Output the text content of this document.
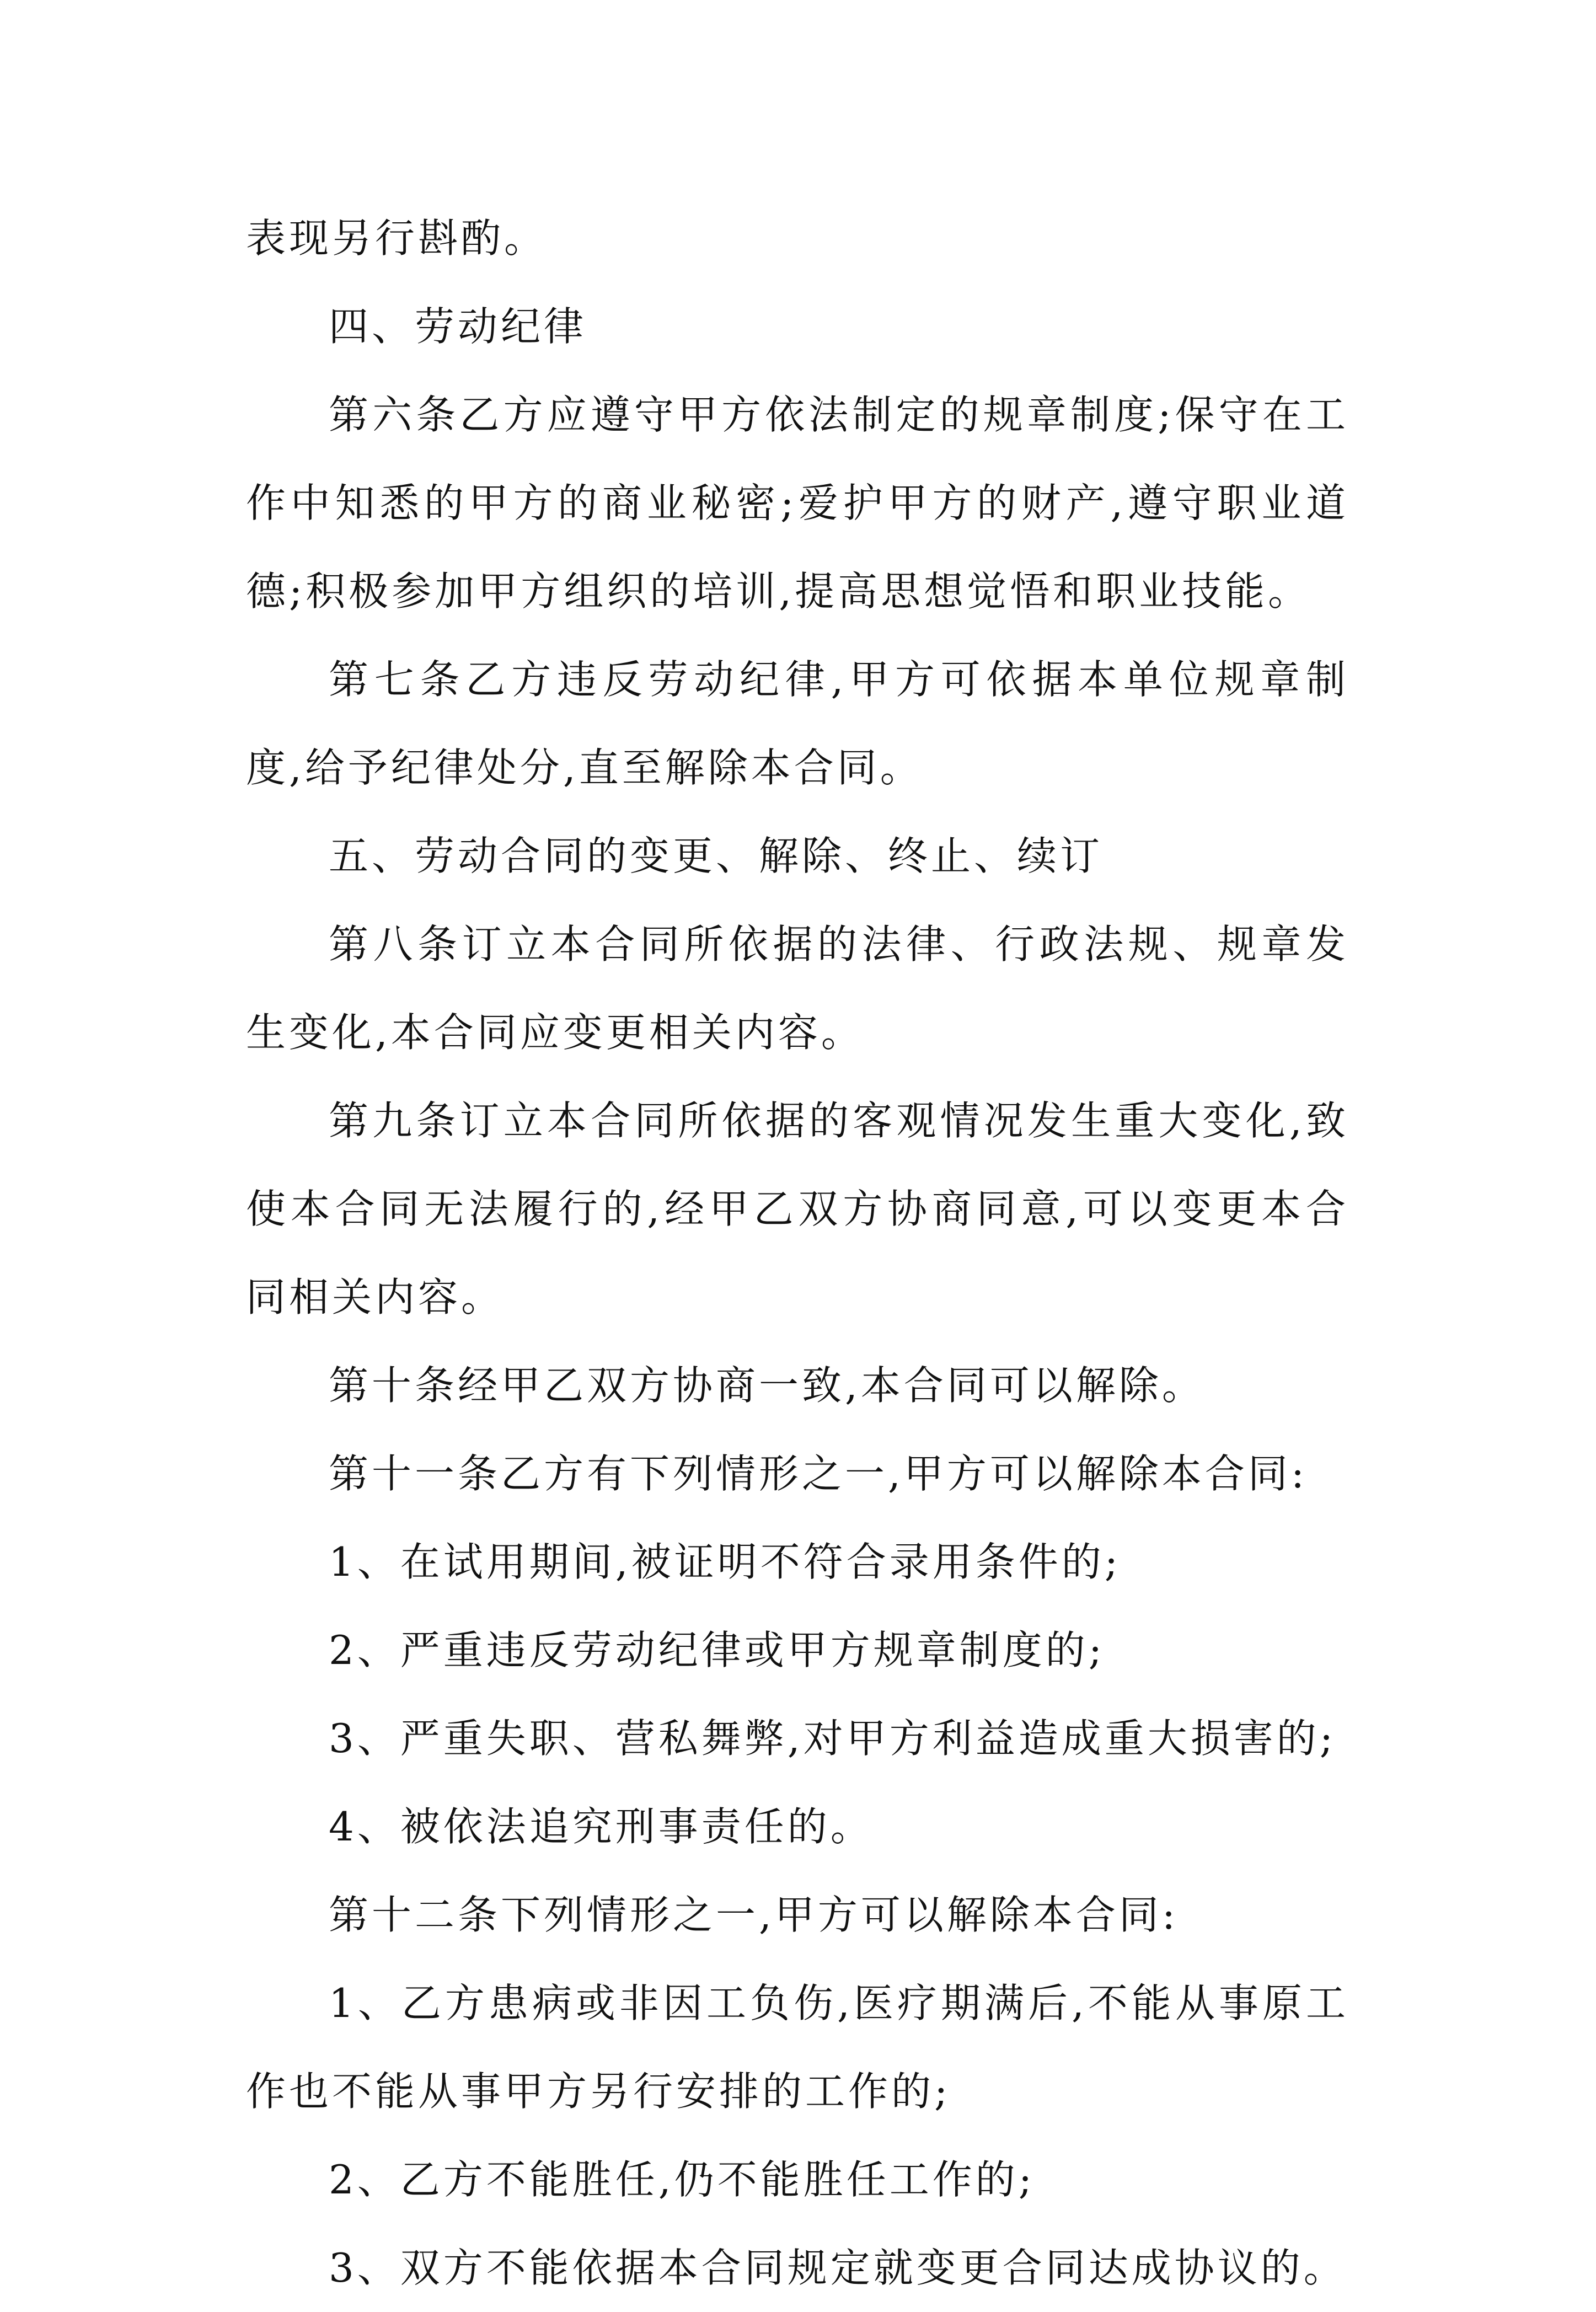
表现另行斟酌。

四、劳动纪律

第六条乙方应遵守甲方依法制定的规章制度;保守在工作中知悉的甲方的商业秘密;爱护甲方的财产,遵守职业道德;积极参加甲方组织的培训,提高思想觉悟和职业技能。

第七条乙方违反劳动纪律,甲方可依据本单位规章制度,给予纪律处分,直至解除本合同。

五、劳动合同的变更、解除、终止、续订

第八条订立本合同所依据的法律、行政法规、规章发生变化,本合同应变更相关内容。

第九条订立本合同所依据的客观情况发生重大变化,致使本合同无法履行的,经甲乙双方协商同意,可以变更本合同相关内容。

第十条经甲乙双方协商一致,本合同可以解除。

第十一条乙方有下列情形之一,甲方可以解除本合同:

1、在试用期间,被证明不符合录用条件的;

2、严重违反劳动纪律或甲方规章制度的;

3、严重失职、营私舞弊,对甲方利益造成重大损害的;

4、被依法追究刑事责任的。

第十二条下列情形之一,甲方可以解除本合同:

1、乙方患病或非因工负伤,医疗期满后,不能从事原工作也不能从事甲方另行安排的工作的;

2、乙方不能胜任,仍不能胜任工作的;

3、双方不能依据本合同规定就变更合同达成协议的。
